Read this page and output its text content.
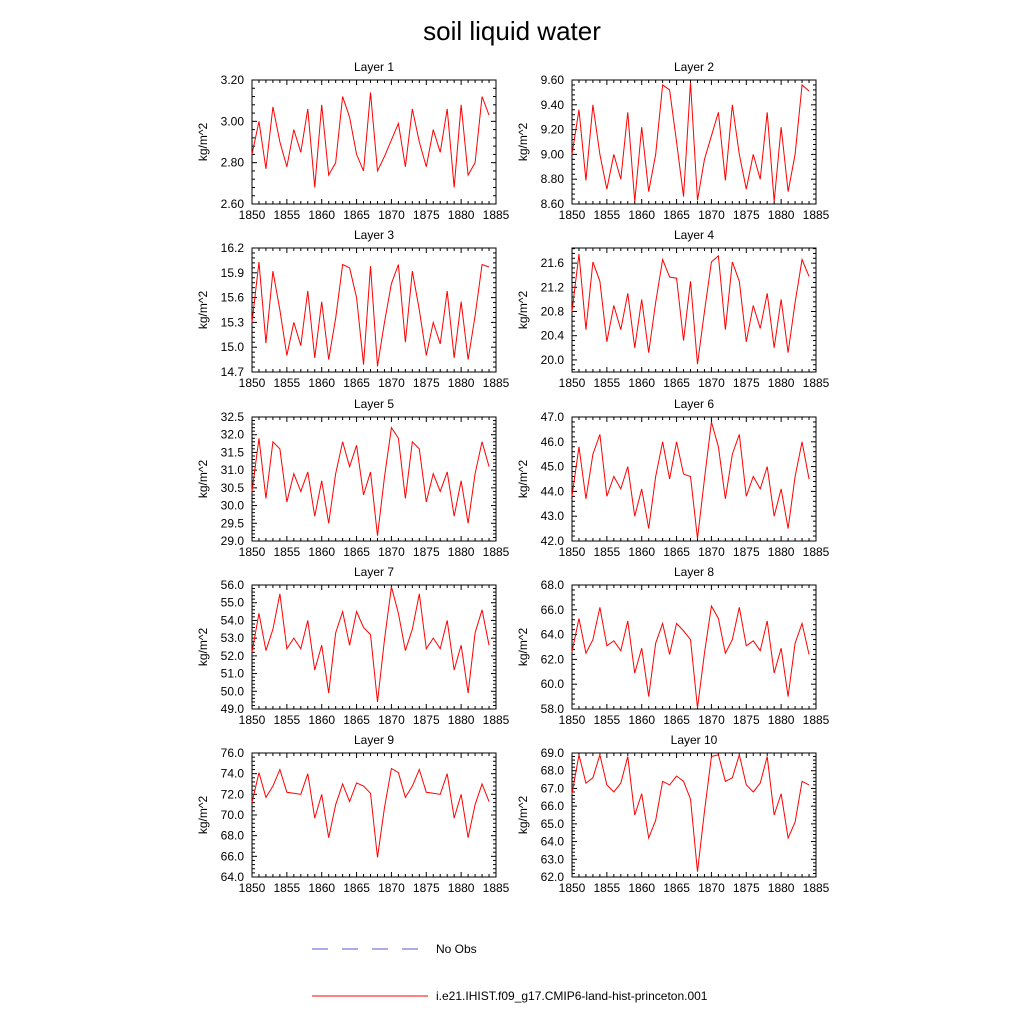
soil liquid water
Layer 1
kg/m^2
1850 1855 1860 1865 1870 1875 1880 1885
2.60
2.80
3.00
3.20
Layer 2
kg/m^2
1850 1855 1860 1865 1870 1875 1880 1885
8.60
8.80
9.00
9.20
9.40
9.60
Layer 3
kg/m^2
1850 1855 1860 1865 1870 1875 1880 1885
14.7
15.0
15.3
15.6
15.9
16.2
Layer 4
kg/m^2
1850 1855 1860 1865 1870 1875 1880 1885
20.0
20.4
20.8
21.2
21.6
Layer 5
kg/m^2
1850 1855 1860 1865 1870 1875 1880 1885
29.0
29.5
30.0
30.5
31.0
31.5
32.0
32.5
Layer 6
kg/m^2
1850 1855 1860 1865 1870 1875 1880 1885
42.0
43.0
44.0
45.0
46.0
47.0
Layer 7
kg/m^2
1850 1855 1860 1865 1870 1875 1880 1885
49.0
50.0
51.0
52.0
53.0
54.0
55.0
56.0
Layer 8
kg/m^2
1850 1855 1860 1865 1870 1875 1880 1885
58.0
60.0
62.0
64.0
66.0
68.0
Layer 9
kg/m^2
1850 1855 1860 1865 1870 1875 1880 1885
64.0
66.0
68.0
70.0
72.0
74.0
76.0
Layer 10
kg/m^2
1850 1855 1860 1865 1870 1875 1880 1885
62.0
63.0
64.0
65.0
66.0
67.0
68.0
69.0
No Obs
i.e21.IHIST.f09_g17.CMIP6-land-hist-princeton.001
